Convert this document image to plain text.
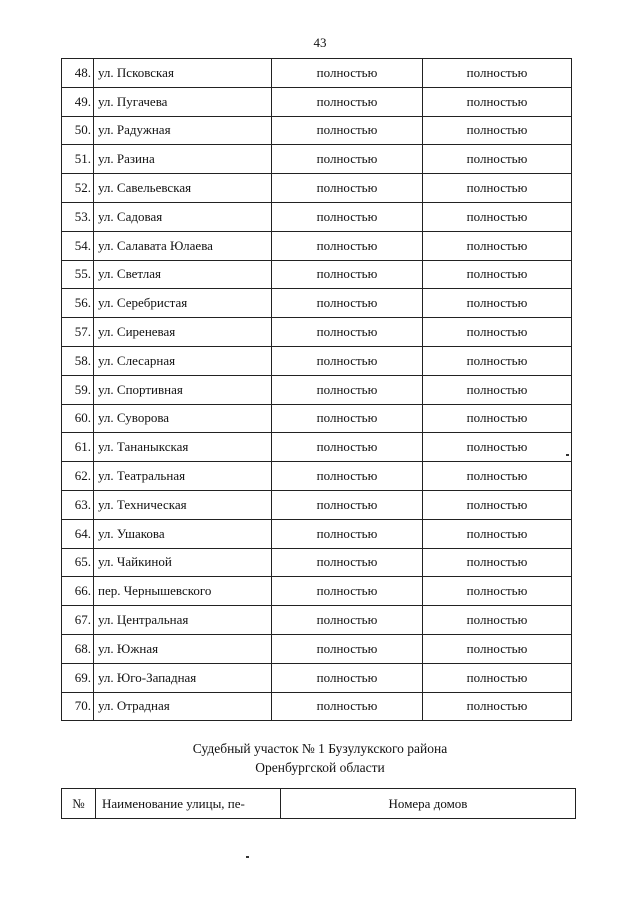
43
48.	ул. Псковская	полностью	полностью
49.	ул. Пугачева	полностью	полностью
50.	ул. Радужная	полностью	полностью
51.	ул. Разина	полностью	полностью
52.	ул. Савельевская	полностью	полностью
53.	ул. Садовая	полностью	полностью
54.	ул. Салавата Юлаева	полностью	полностью
55.	ул. Светлая	полностью	полностью
56.	ул. Серебристая	полностью	полностью
57.	ул. Сиреневая	полностью	полностью
58.	ул. Слесарная	полностью	полностью
59.	ул. Спортивная	полностью	полностью
60.	ул. Суворова	полностью	полностью
61.	ул. Тананыкская	полностью	полностью
62.	ул. Театральная	полностью	полностью
63.	ул. Техническая	полностью	полностью
64.	ул. Ушакова	полностью	полностью
65.	ул. Чайкиной	полностью	полностью
66.	пер. Чернышевского	полностью	полностью
67.	ул. Центральная	полностью	полностью
68.	ул. Южная	полностью	полностью
69.	ул. Юго-Западная	полностью	полностью
70.	ул. Отрадная	полностью	полностью
Судебный участок № 1 Бузулукского района
Оренбургской области
№	Наименование улицы, пе-	Номера домов
